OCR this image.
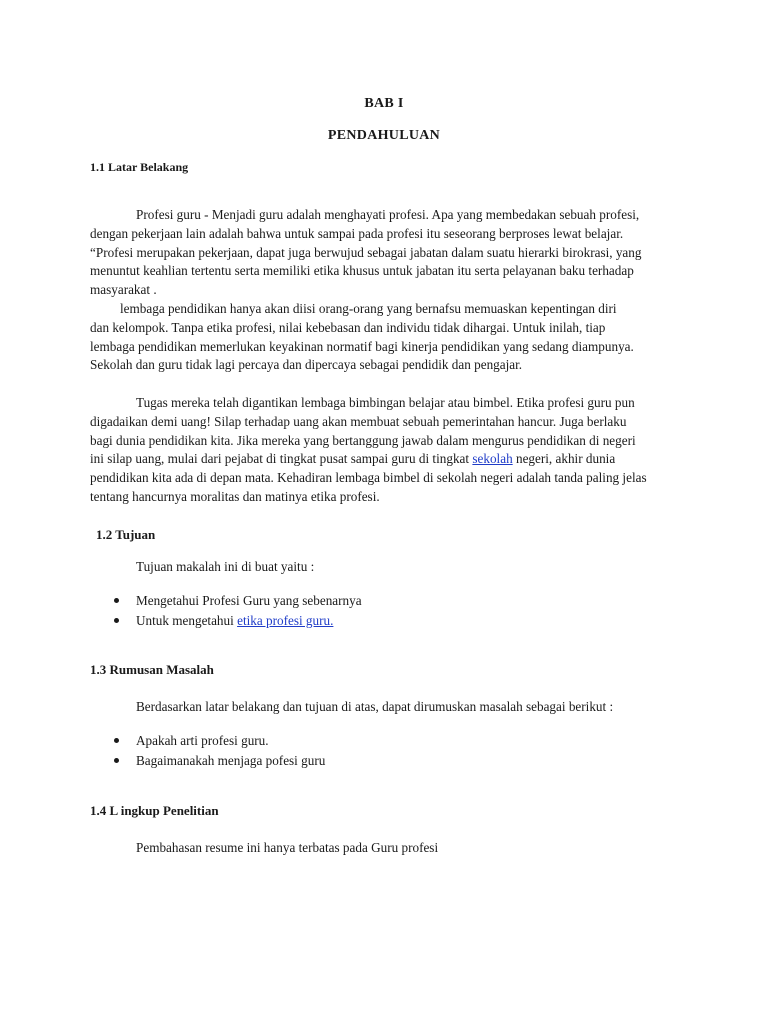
BAB I
PENDAHULUAN
1.1 Latar Belakang
Profesi guru - Menjadi guru adalah menghayati profesi. Apa yang membedakan sebuah profesi,
dengan pekerjaan lain adalah bahwa untuk sampai pada profesi itu seseorang berproses lewat belajar.
“Profesi merupakan pekerjaan, dapat juga berwujud sebagai jabatan dalam suatu hierarki birokrasi, yang
menuntut keahlian tertentu serta memiliki etika khusus untuk jabatan itu serta pelayanan baku terhadap
masyarakat .
lembaga pendidikan hanya akan diisi orang-orang yang bernafsu memuaskan kepentingan diri
dan kelompok. Tanpa etika profesi, nilai kebebasan dan individu tidak dihargai. Untuk inilah, tiap
lembaga pendidikan memerlukan keyakinan normatif bagi kinerja pendidikan yang sedang diampunya.
Sekolah dan guru tidak lagi percaya dan dipercaya sebagai pendidik dan pengajar.
Tugas mereka telah digantikan lembaga bimbingan belajar atau bimbel. Etika profesi guru pun
digadaikan demi uang! Silap terhadap uang akan membuat sebuah pemerintahan hancur. Juga berlaku
bagi dunia pendidikan kita. Jika mereka yang bertanggung jawab dalam mengurus pendidikan di negeri
ini silap uang, mulai dari pejabat di tingkat pusat sampai guru di tingkat sekolah negeri, akhir dunia
pendidikan kita ada di depan mata. Kehadiran lembaga bimbel di sekolah negeri adalah tanda paling jelas
tentang hancurnya moralitas dan matinya etika profesi.
1.2 Tujuan
Tujuan makalah ini di buat yaitu :
Mengetahui Profesi Guru yang sebenarnya
Untuk mengetahui etika profesi guru.
1.3 Rumusan Masalah
Berdasarkan latar belakang dan tujuan di atas, dapat dirumuskan masalah sebagai berikut :
Apakah arti profesi guru.
Bagaimanakah menjaga pofesi guru
1.4 L ingkup Penelitian
Pembahasan resume ini hanya terbatas pada Guru profesi
